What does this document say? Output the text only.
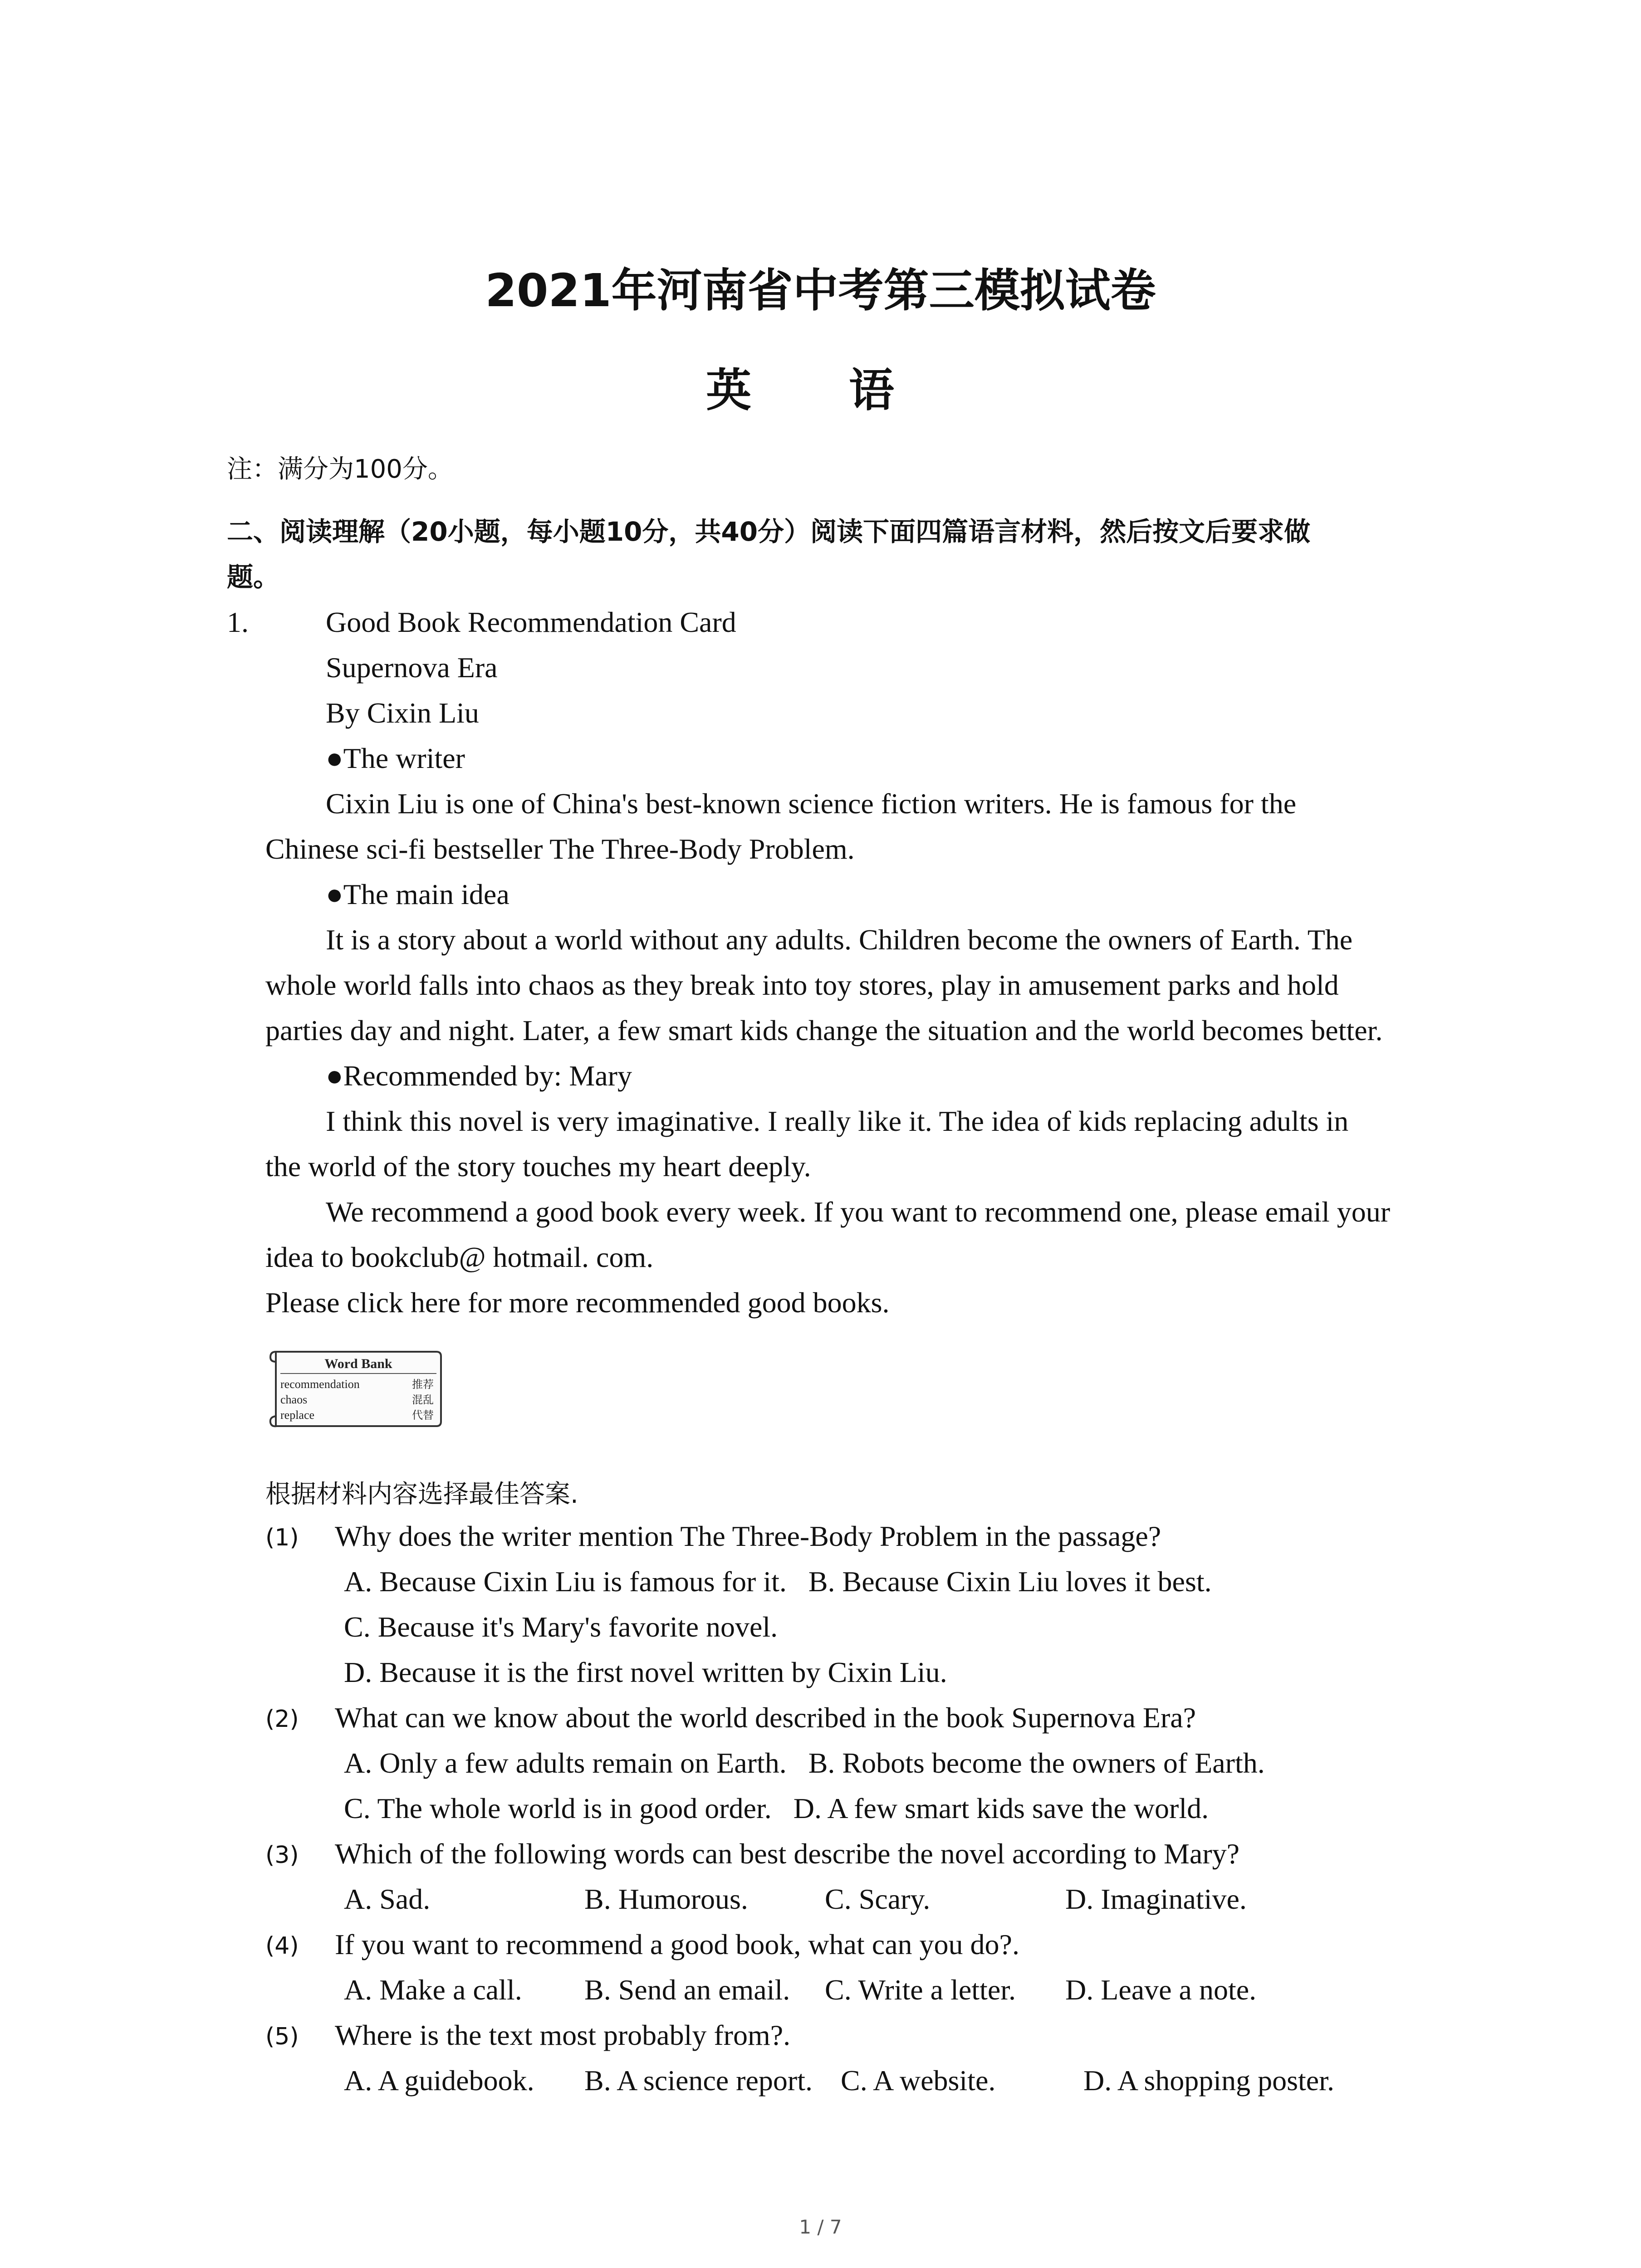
2021年河南省中考第三模拟试卷
英 语
注：满分为100分。
二、阅读理解（20小题，每小题10分，共40分）阅读下面四篇语言材料，然后按文后要求做
题。
1.	Good Book Recommendation Card
Supernova Era
By Cixin Liu
●The writer
Cixin Liu is one of China's best-known science fiction writers. He is famous for the
Chinese sci-fi bestseller The Three-Body Problem.
●The main idea
It is a story about a world without any adults. Children become the owners of Earth. The
whole world falls into chaos as they break into toy stores, play in amusement parks and hold
parties day and night. Later, a few smart kids change the situation and the world becomes better.
●Recommended by: Mary
I think this novel is very imaginative. I really like it. The idea of kids replacing adults in
the world of the story touches my heart deeply.
We recommend a good book every week. If you want to recommend one, please email your
idea to bookclub@ hotmail. com.
Please click here for more recommended good books.
Word Bank
recommendation	推荐
chaos	混乱
replace	代替
根据材料内容选择最佳答案.
(1) Why does the writer mention The Three-Body Problem in the passage?
A. Because Cixin Liu is famous for it.   B. Because Cixin Liu loves it best.
C. Because it's Mary's favorite novel.
D. Because it is the first novel written by Cixin Liu.
(2) What can we know about the world described in the book Supernova Era?
A. Only a few adults remain on Earth.   B. Robots become the owners of Earth.
C. The whole world is in good order.   D. A few smart kids save the world.
(3) Which of the following words can best describe the novel according to Mary?
A. Sad.	B. Humorous.	C. Scary.	D. Imaginative.
(4) If you want to recommend a good book, what can you do?.
A. Make a call. B. Send an email. C. Write a letter. D. Leave a note.
(5) Where is the text most probably from?.
A. A guidebook. B. A science report. C. A website.	D. A shopping poster.
1 / 7
